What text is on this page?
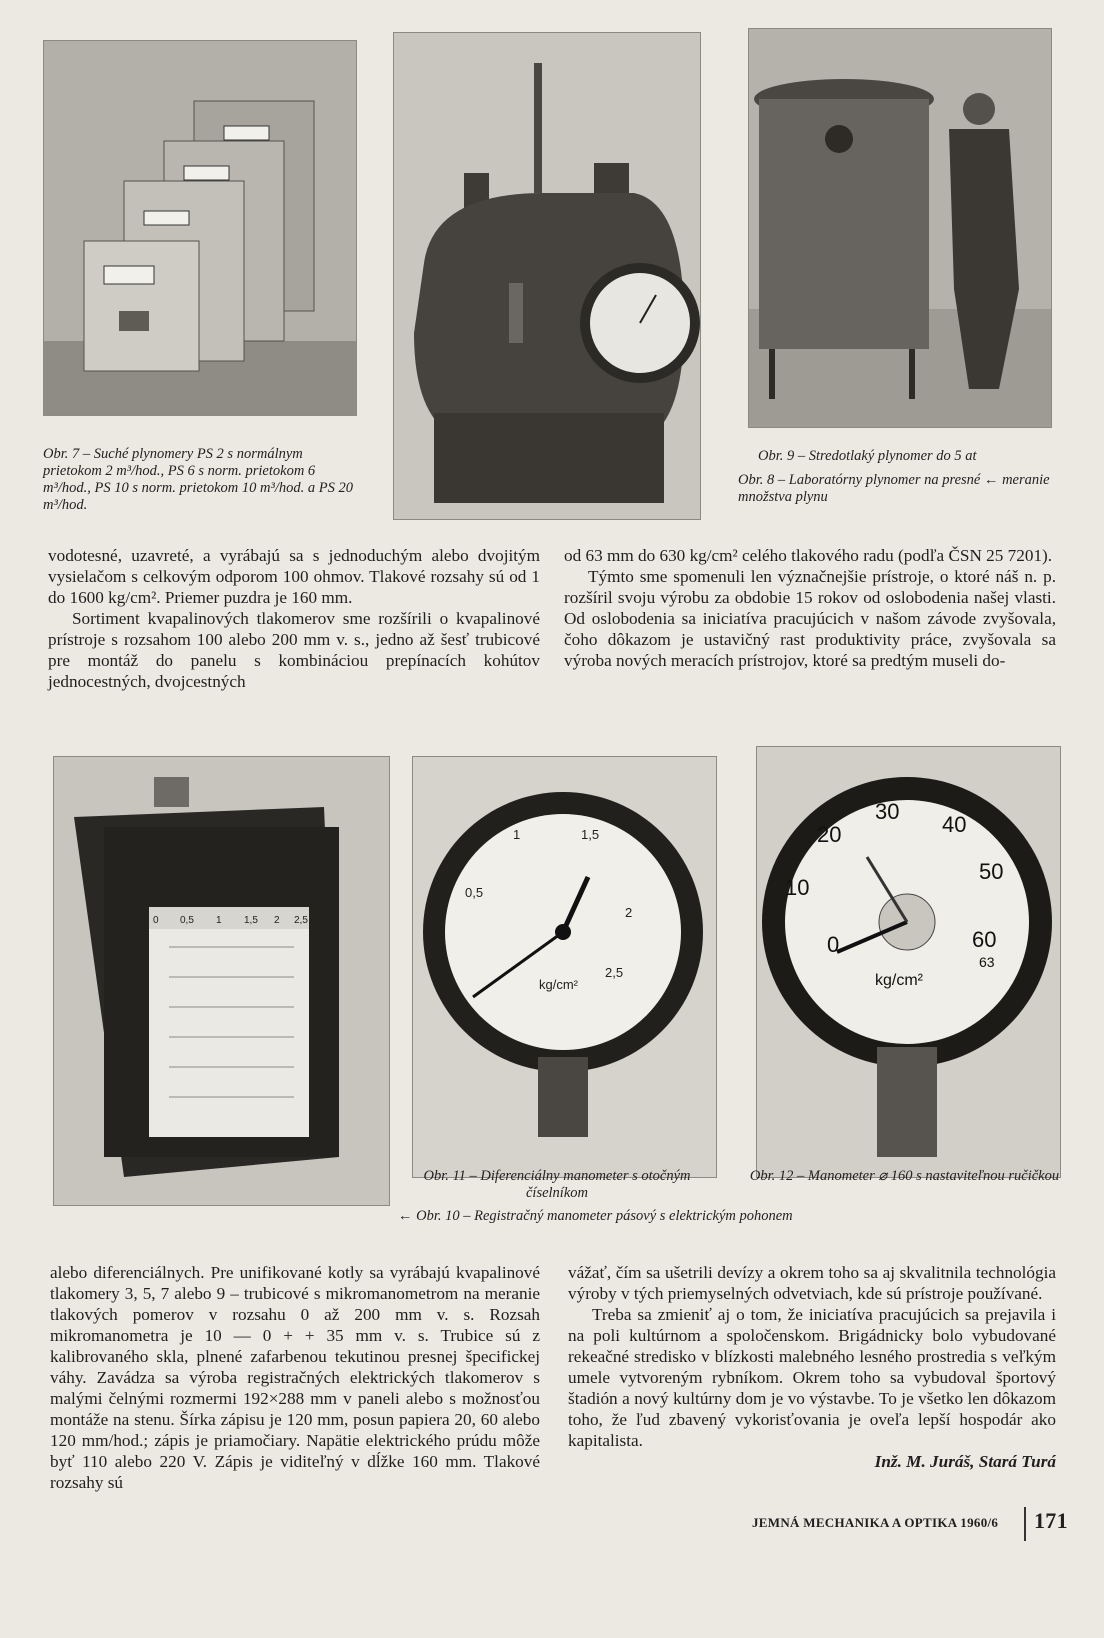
Obr. 7 – Suché plynomery PS 2 s normálnym prietokom 2 m³/hod., PS 6 s norm. prietokom 6 m³/hod., PS 10 s norm. prietokom 10 m³/hod. a PS 20 m³/hod.
Obr. 9 – Stredotlaký plynomer do 5 at
Obr. 8 – Laboratórny plynomer na presné ← meranie množstva plynu

vodotesné, uzavreté, a vyrábajú sa s jednoduchým alebo dvojitým vysielačom s celkovým odporom 100 ohmov. Tlakové rozsahy sú od 1 do 1600 kg/cm². Priemer puzdra je 160 mm.

Sortiment kvapalinových tlakomerov sme rozšírili o kvapalinové prístroje s rozsahom 100 alebo 200 mm v. s., jedno až šesť trubicové pre montáž do panelu s kombináciou prepínacích kohútov jednocestných, dvojcestných

od 63 mm do 630 kg/cm² celého tlakového radu (podľa ČSN 25 7201).

Týmto sme spomenuli len význačnejšie prístroje, o ktoré náš n. p. rozšíril svoju výrobu za obdobie 15 rokov od oslobodenia našej vlasti. Od oslobodenia sa iniciatíva pracujúcich v našom závode zvyšovala, čoho dôkazom je ustavičný rast produktivity práce, zvyšovala sa výroba nových meracích prístrojov, ktoré sa predtým museli do-

0 0,5 1 1,5 2 2,5
0,5
1	1,5
2
2,5
kg/cm²
0
10
20
30
40
50
60
63
kg/cm²
Obr. 11 – Diferenciálny manometer s otočným číselníkom
Obr. 12 – Manometer ⌀ 160 s nastaviteľnou ručičkou
← Obr. 10 – Registračný manometer pásový s elektrickým pohonem

alebo diferenciálnych. Pre unifikované kotly sa vyrábajú kvapalinové tlakomery 3, 5, 7 alebo 9 – trubicové s mikromanometrom na meranie tlakových pomerov v rozsahu 0 až 200 mm v. s. Rozsah mikromanometra je 10 — 0 + + 35 mm v. s. Trubice sú z kalibrovaného skla, plnené zafarbenou tekutinou presnej špecifickej váhy. Zavádza sa výroba registračných elektrických tlakomerov s malými čelnými rozmermi 192×288 mm v paneli alebo s možnosťou montáže na stenu. Šírka zápisu je 120 mm, posun papiera 20, 60 alebo 120 mm/hod.; zápis je priamočiary. Napätie elektrického prúdu môže byť 110 alebo 220 V. Zápis je viditeľný v dĺžke 160 mm. Tlakové rozsahy sú

vážať, čím sa ušetrili devízy a okrem toho sa aj skvalitnila technológia výroby v tých priemyselných odvetviach, kde sú prístroje používané.

Treba sa zmieniť aj o tom, že iniciatíva pracujúcich sa prejavila i na poli kultúrnom a spoločenskom. Brigádnicky bolo vybudované rekeačné stredisko v blízkosti malebného lesného prostredia s veľkým umele vytvoreným rybníkom. Okrem toho sa vybudoval športový štadión a nový kultúrny dom je vo výstavbe. To je všetko len dôkazom toho, že ľud zbavený vykorisťovania je oveľa lepší hospodár ako kapitalista.

Inž. M. Juráš, Stará Turá

JEMNÁ MECHANIKA A OPTIKA 1960/6 171
